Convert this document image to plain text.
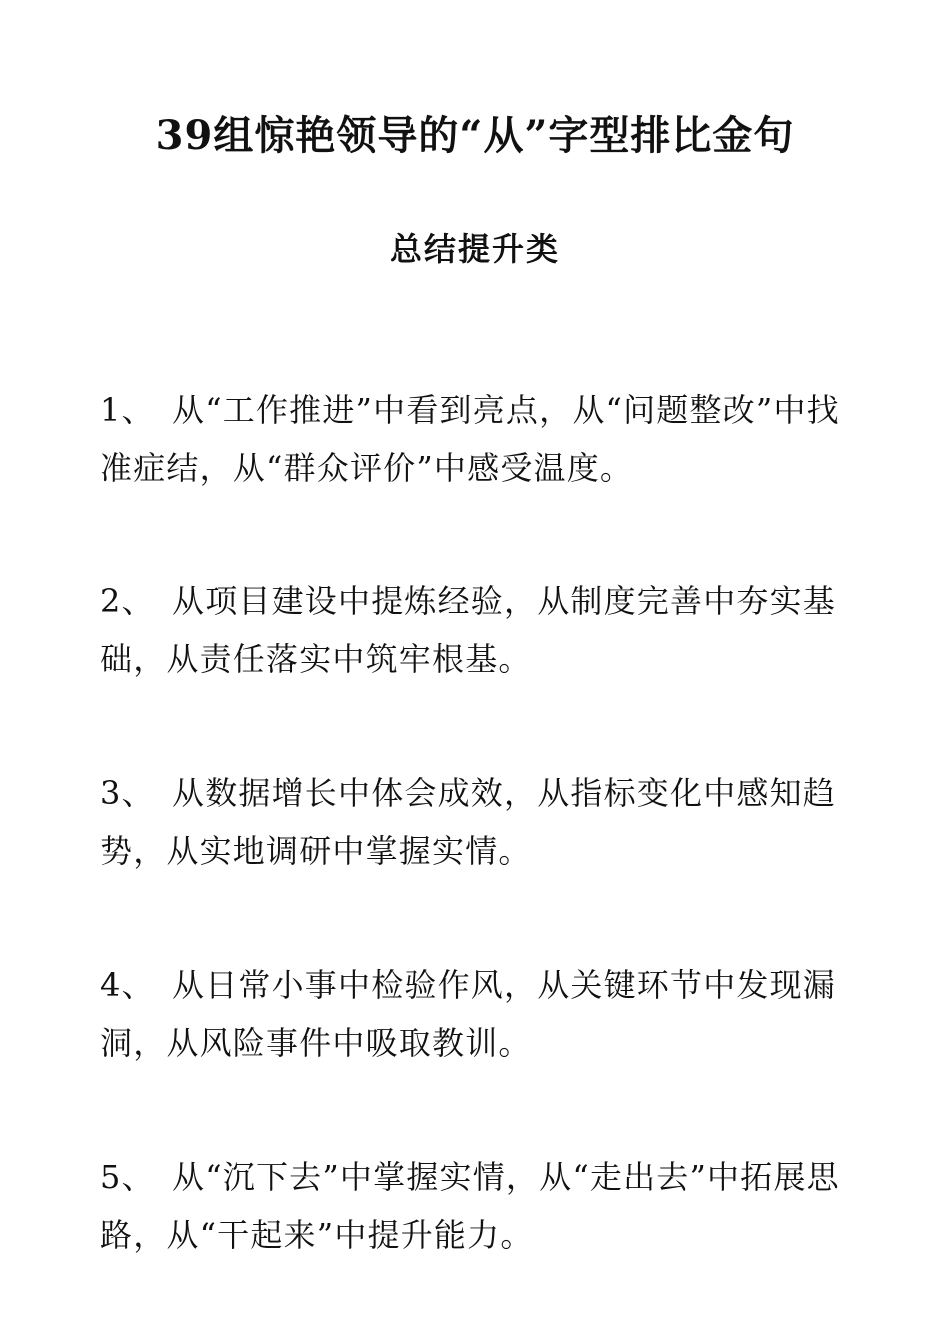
39组惊艳领导的“从”字型排比金句
总结提升类

1、 从“工作推进”中看到亮点，从“问题整改”中找准症结，从“群众评价”中感受温度。

2、 从项目建设中提炼经验，从制度完善中夯实基础，从责任落实中筑牢根基。

3、 从数据增长中体会成效，从指标变化中感知趋势，从实地调研中掌握实情。

4、 从日常小事中检验作风，从关键环节中发现漏洞，从风险事件中吸取教训。

5、 从“沉下去”中掌握实情，从“走出去”中拓展思路，从“干起来”中提升能力。
